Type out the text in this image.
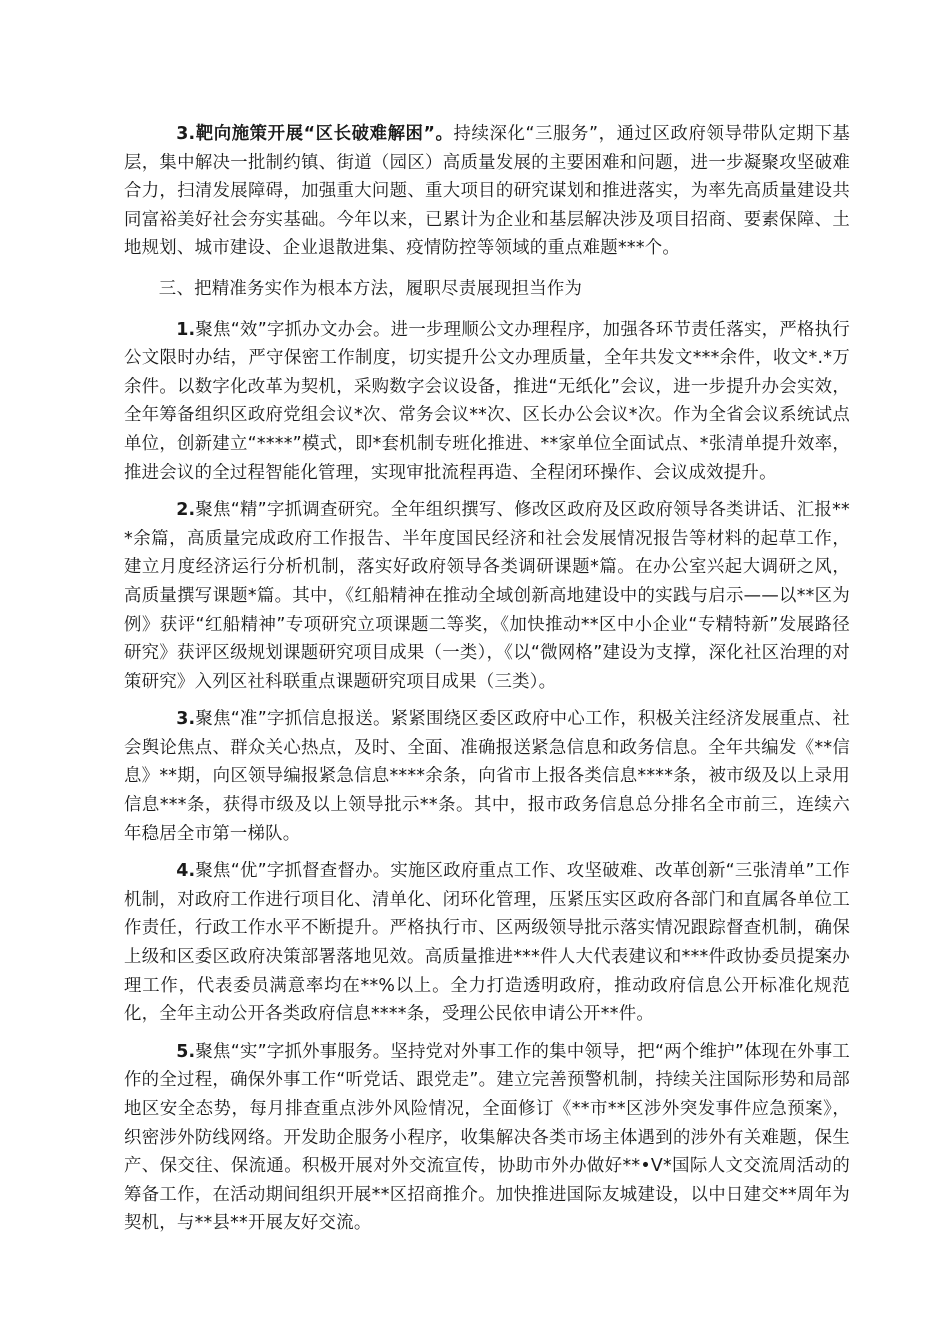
3.靶向施策开展“区长破难解困”。持续深化“三服务”，通过区政府领导带队定期下基层，集中解决一批制约镇、街道（园区）高质量发展的主要困难和问题，进一步凝聚攻坚破难合力，扫清发展障碍，加强重大问题、重大项目的研究谋划和推进落实，为率先高质量建设共同富裕美好社会夯实基础。今年以来，已累计为企业和基层解决涉及项目招商、要素保障、土地规划、城市建设、企业退散进集、疫情防控等领域的重点难题***个。

三、把精准务实作为根本方法，履职尽责展现担当作为

1.聚焦“效”字抓办文办会。进一步理顺公文办理程序，加强各环节责任落实，严格执行公文限时办结，严守保密工作制度，切实提升公文办理质量，全年共发文***余件，收文*.*万余件。以数字化改革为契机，采购数字会议设备，推进“无纸化”会议，进一步提升办会实效，全年筹备组织区政府党组会议*次、常务会议**次、区长办公会议*次。作为全省会议系统试点单位，创新建立“****”模式，即*套机制专班化推进、**家单位全面试点、*张清单提升效率，推进会议的全过程智能化管理，实现审批流程再造、全程闭环操作、会议成效提升。

2.聚焦“精”字抓调查研究。全年组织撰写、修改区政府及区政府领导各类讲话、汇报***余篇，高质量完成政府工作报告、半年度国民经济和社会发展情况报告等材料的起草工作，建立月度经济运行分析机制，落实好政府领导各类调研课题*篇。在办公室兴起大调研之风，高质量撰写课题*篇。其中，《红船精神在推动全域创新高地建设中的实践与启示——以**区为例》获评“红船精神”专项研究立项课题二等奖，《加快推动**区中小企业“专精特新”发展路径研究》获评区级规划课题研究项目成果（一类），《以“微网格”建设为支撑，深化社区治理的对策研究》入列区社科联重点课题研究项目成果（三类）。

3.聚焦“准”字抓信息报送。紧紧围绕区委区政府中心工作，积极关注经济发展重点、社会舆论焦点、群众关心热点，及时、全面、准确报送紧急信息和政务信息。全年共编发《**信息》**期，向区领导编报紧急信息****余条，向省市上报各类信息****条，被市级及以上录用信息***条，获得市级及以上领导批示**条。其中，报市政务信息总分排名全市前三，连续六年稳居全市第一梯队。

4.聚焦“优”字抓督查督办。实施区政府重点工作、攻坚破难、改革创新“三张清单”工作机制，对政府工作进行项目化、清单化、闭环化管理，压紧压实区政府各部门和直属各单位工作责任，行政工作水平不断提升。严格执行市、区两级领导批示落实情况跟踪督查机制，确保上级和区委区政府决策部署落地见效。高质量推进***件人大代表建议和***件政协委员提案办理工作，代表委员满意率均在**%以上。全力打造透明政府，推动政府信息公开标准化规范化，全年主动公开各类政府信息****条，受理公民依申请公开**件。

5.聚焦“实”字抓外事服务。坚持党对外事工作的集中领导，把“两个维护”体现在外事工作的全过程，确保外事工作“听党话、跟党走”。建立完善预警机制，持续关注国际形势和局部地区安全态势，每月排查重点涉外风险情况，全面修订《**市**区涉外突发事件应急预案》，织密涉外防线网络。开发助企服务小程序，收集解决各类市场主体遇到的涉外有关难题，保生产、保交往、保流通。积极开展对外交流宣传，协助市外办做好**•V*国际人文交流周活动的筹备工作，在活动期间组织开展**区招商推介。加快推进国际友城建设，以中日建交**周年为契机，与**县**开展友好交流。
